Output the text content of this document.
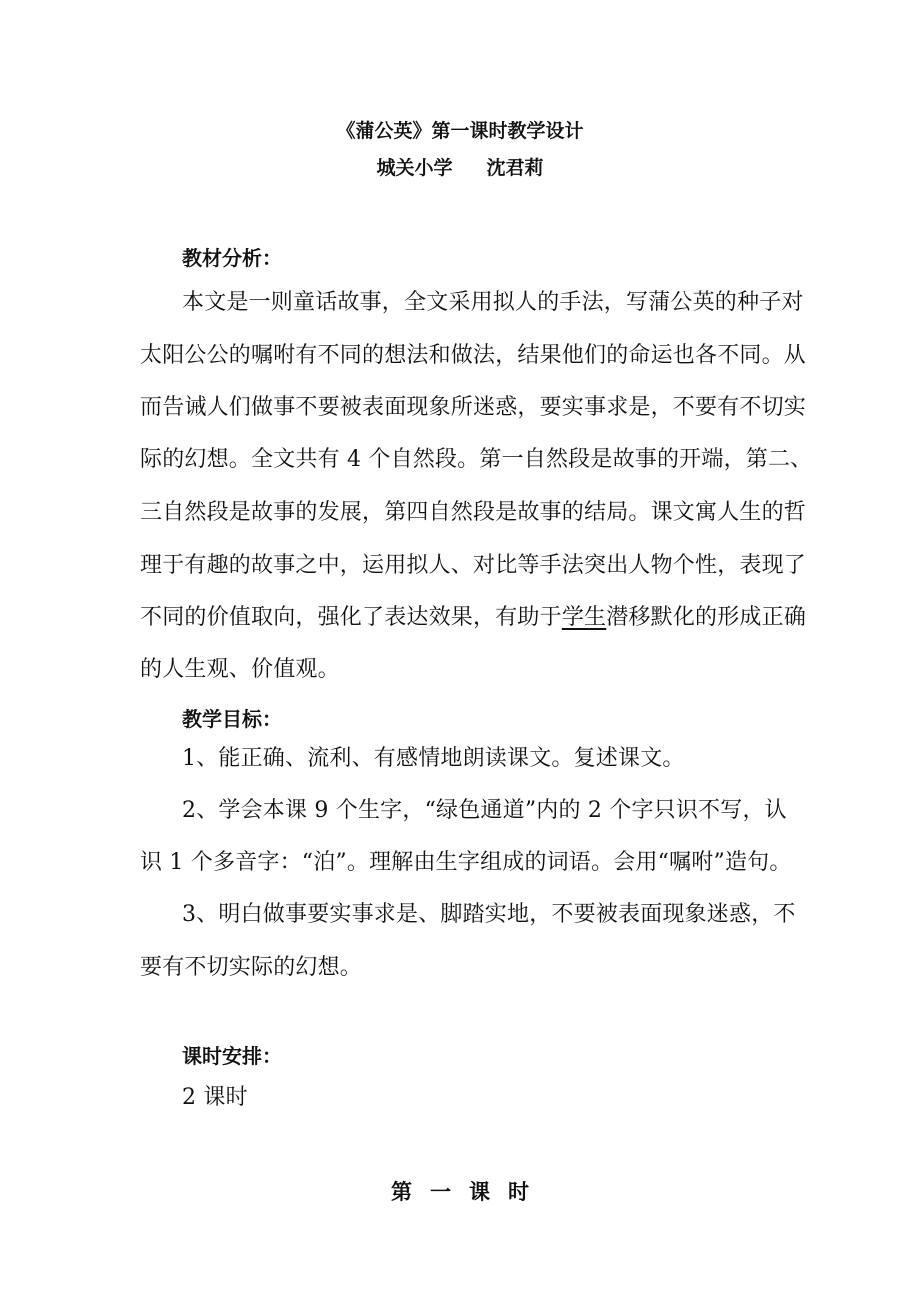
《蒲公英》第一课时教学设计
城关小学 沈君莉
教材分析：
本文是一则童话故事，全文采用拟人的手法，写蒲公英的种子对
太阳公公的嘱咐有不同的想法和做法，结果他们的命运也各不同。从
而告诫人们做事不要被表面现象所迷惑，要实事求是，不要有不切实
际的幻想。全文共有 4 个自然段。第一自然段是故事的开端，第二、
三自然段是故事的发展，第四自然段是故事的结局。课文寓人生的哲
理于有趣的故事之中，运用拟人、对比等手法突出人物个性，表现了
不同的价值取向，强化了表达效果，有助于学生潜移默化的形成正确
的人生观、价值观。
教学目标：
1、能正确、流利、有感情地朗读课文。复述课文。
2、学会本课 9 个生字，“绿色通道”内的 2 个字只识不写，认
识 1 个多音字：“泊”。理解由生字组成的词语。会用“嘱咐”造句。
3、明白做事要实事求是、脚踏实地，不要被表面现象迷惑，不
要有不切实际的幻想。
课时安排：
2 课时
第一课时
